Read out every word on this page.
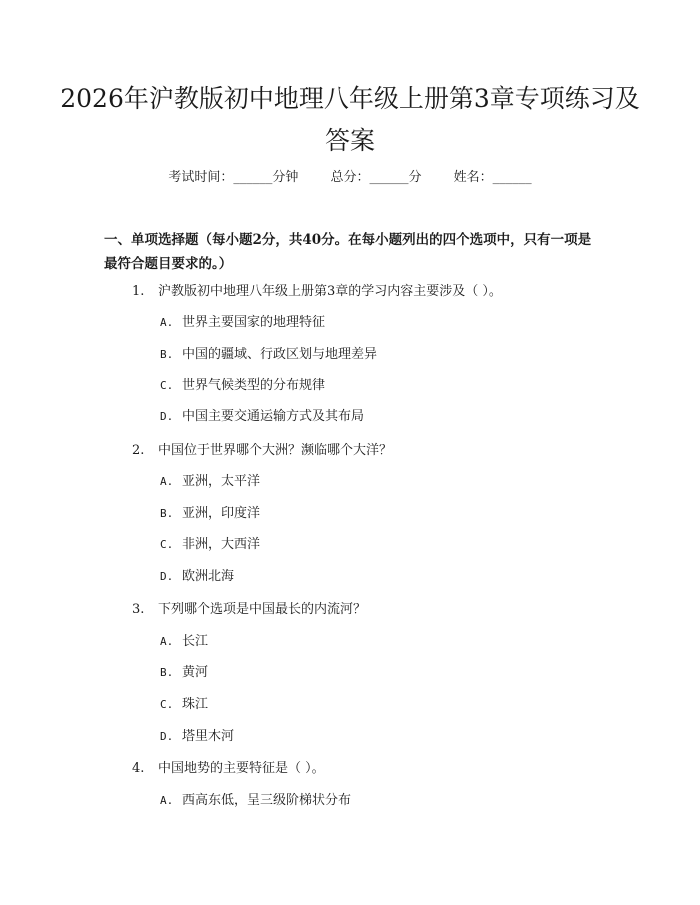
2026年沪教版初中地理八年级上册第3章专项练习及答案
考试时间：______分钟 总分：______分 姓名：______
一、单项选择题（每小题2分，共40分。在每小题列出的四个选项中，只有一项是最符合题目要求的。）
1. 沪教版初中地理八年级上册第3章的学习内容主要涉及（ ）。
A. 世界主要国家的地理特征
B. 中国的疆域、行政区划与地理差异
C. 世界气候类型的分布规律
D. 中国主要交通运输方式及其布局
2. 中国位于世界哪个大洲？濒临哪个大洋？
A. 亚洲，太平洋
B. 亚洲，印度洋
C. 非洲，大西洋
D. 欧洲北海
3. 下列哪个选项是中国最长的内流河？
A. 长江
B. 黄河
C. 珠江
D. 塔里木河
4. 中国地势的主要特征是（ ）。
A. 西高东低，呈三级阶梯状分布
